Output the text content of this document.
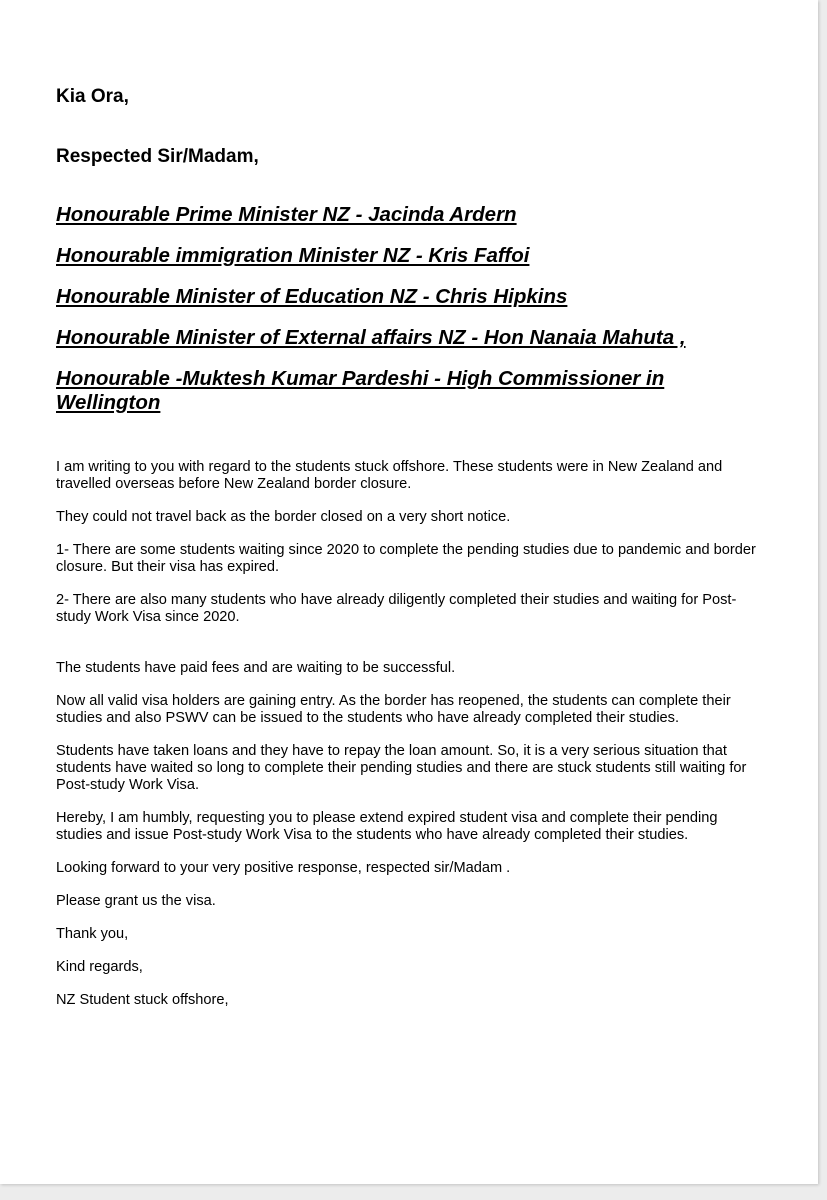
Kia Ora,

Respected Sir/Madam,

Honourable Prime Minister NZ - Jacinda Ardern

Honourable immigration Minister NZ - Kris Faffoi

Honourable Minister of Education NZ - Chris Hipkins

Honourable Minister of External affairs NZ - Hon Nanaia Mahuta ,

Honourable -Muktesh Kumar Pardeshi - High Commissioner in Wellington

I am writing to you with regard to the students stuck offshore. These students were in New Zealand and travelled overseas before New Zealand border closure.

They could not travel back as the border closed on a very short notice.

1- There are some students waiting since 2020 to complete the pending studies due to pandemic and border closure. But their visa has expired.

2- There are also many students who have already diligently completed their studies and waiting for Post-study Work Visa since 2020.

The students have paid fees and are waiting to be successful.

Now all valid visa holders are gaining entry. As the border has reopened, the students can complete their studies and also PSWV can be issued to the students who have already completed their studies.

Students have taken loans and they have to repay the loan amount. So, it is a very serious situation that students have waited so long to complete their pending studies and there are stuck students still waiting for Post-study Work Visa.

Hereby, I am humbly, requesting you to please extend expired student visa and complete their pending studies and issue Post-study Work Visa to the students who have already completed their studies.

Looking forward to your very positive response, respected sir/Madam .

Please grant us the visa.

Thank you,

Kind regards,

NZ Student stuck offshore,
